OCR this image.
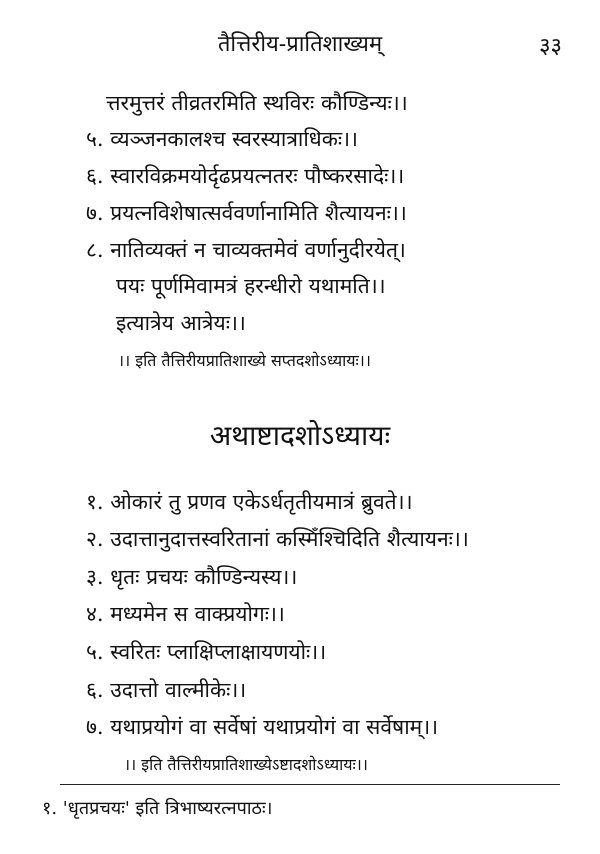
तैत्तिरीय-प्रातिशाख्यम्	३३
त्तरमुत्तरं तीव्रतरमिति स्थविरः कौण्डिन्यः।।
५. व्यञ्जनकालश्च स्वरस्यात्राधिकः।।
६. स्वारविक्रमयोर्दृढप्रयत्नतरः पौष्करसादेः।।
७. प्रयत्नविशेषात्सर्ववर्णानामिति शैत्यायनः।।
८. नातिव्यक्तं न चाव्यक्तमेवं वर्णानुदीरयेत्।
पयः पूर्णमिवामत्रं हरन्धीरो यथामति।।
इत्यात्रेय आत्रेयः।।
।। इति तैत्तिरीयप्रातिशाख्ये सप्तदशोऽध्यायः।।
अथाष्टादशोऽध्यायः
१. ओकारं तु प्रणव एकेऽर्धतृतीयमात्रं ब्रुवते।।
२. उदात्तानुदात्तस्वरितानां कस्मिँश्चिदिति शैत्यायनः।।
३. धृतः प्रचयः कौण्डिन्यस्य।।
४. मध्यमेन स वाक्प्रयोगः।।
५. स्वरितः प्लाक्षिप्लाक्षायणयोः।।
६. उदात्तो वाल्मीकेः।।
७. यथाप्रयोगं वा सर्वेषां यथाप्रयोगं वा सर्वेषाम्।।
।। इति तैत्तिरीयप्रातिशाख्येऽष्टादशोऽध्यायः।।
१. 'धृतप्रचयः' इति त्रिभाष्यरत्नपाठः।
